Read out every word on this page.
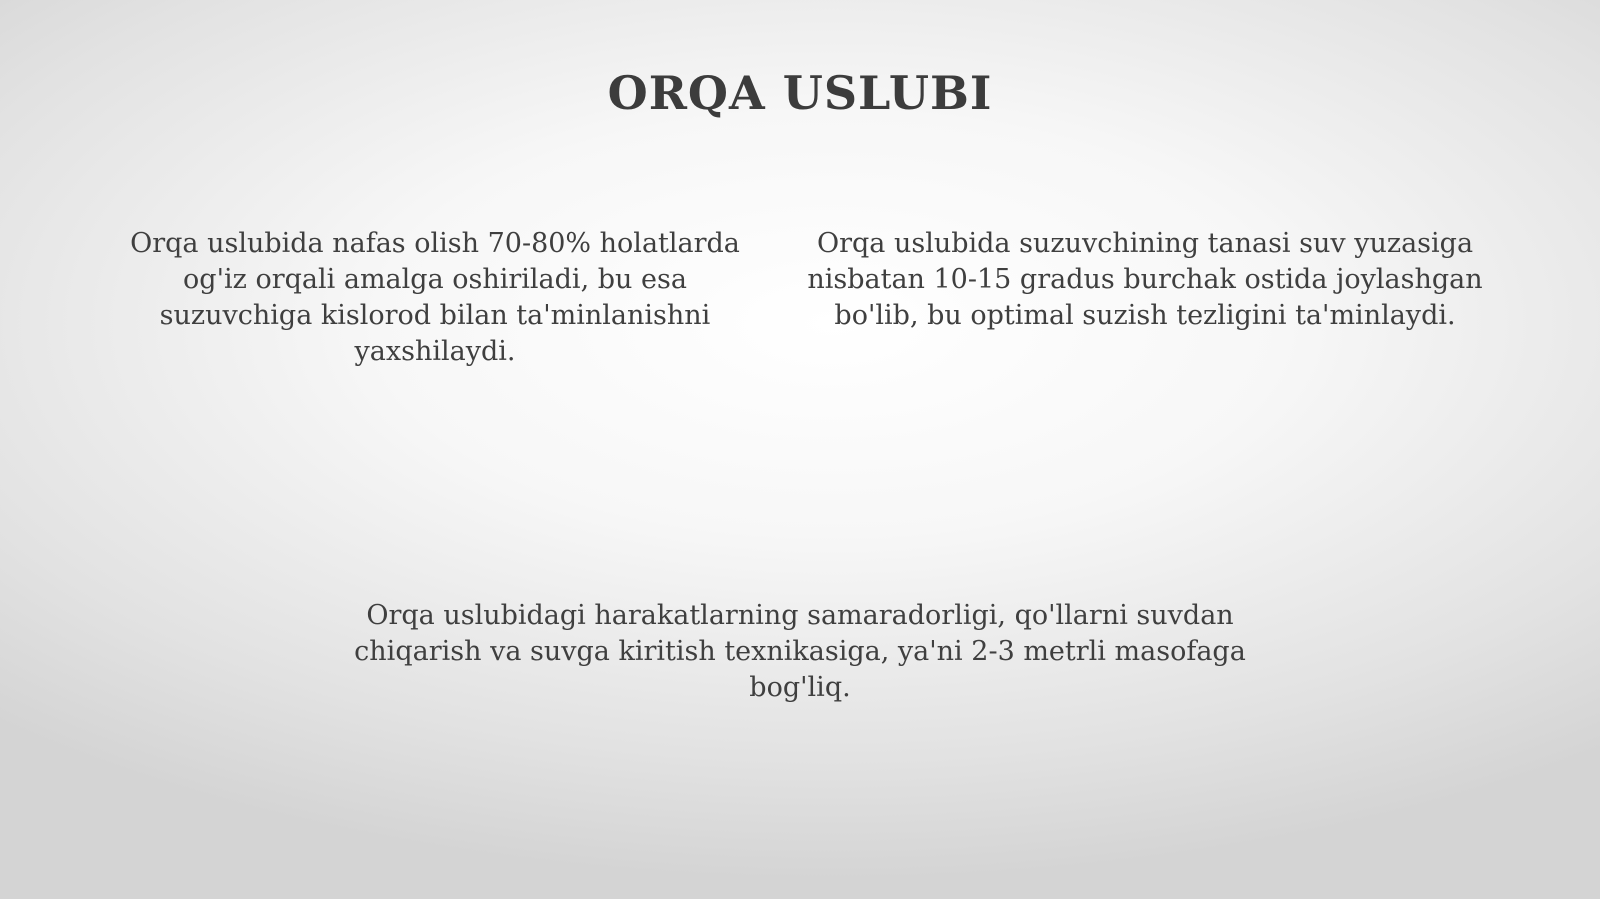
ORQA USLUBI

Orqa uslubida nafas olish 70-80% holatlarda og'iz orqali amalga oshiriladi, bu esa suzuvchiga kislorod bilan ta'minlanishni yaxshilaydi.

Orqa uslubida suzuvchining tanasi suv yuzasiga nisbatan 10-15 gradus burchak ostida joylashgan bo'lib, bu optimal suzish tezligini ta'minlaydi.

Orqa uslubidagi harakatlarning samaradorligi, qo'llarni suvdan chiqarish va suvga kiritish texnikasiga, ya'ni 2-3 metrli masofaga bog'liq.
